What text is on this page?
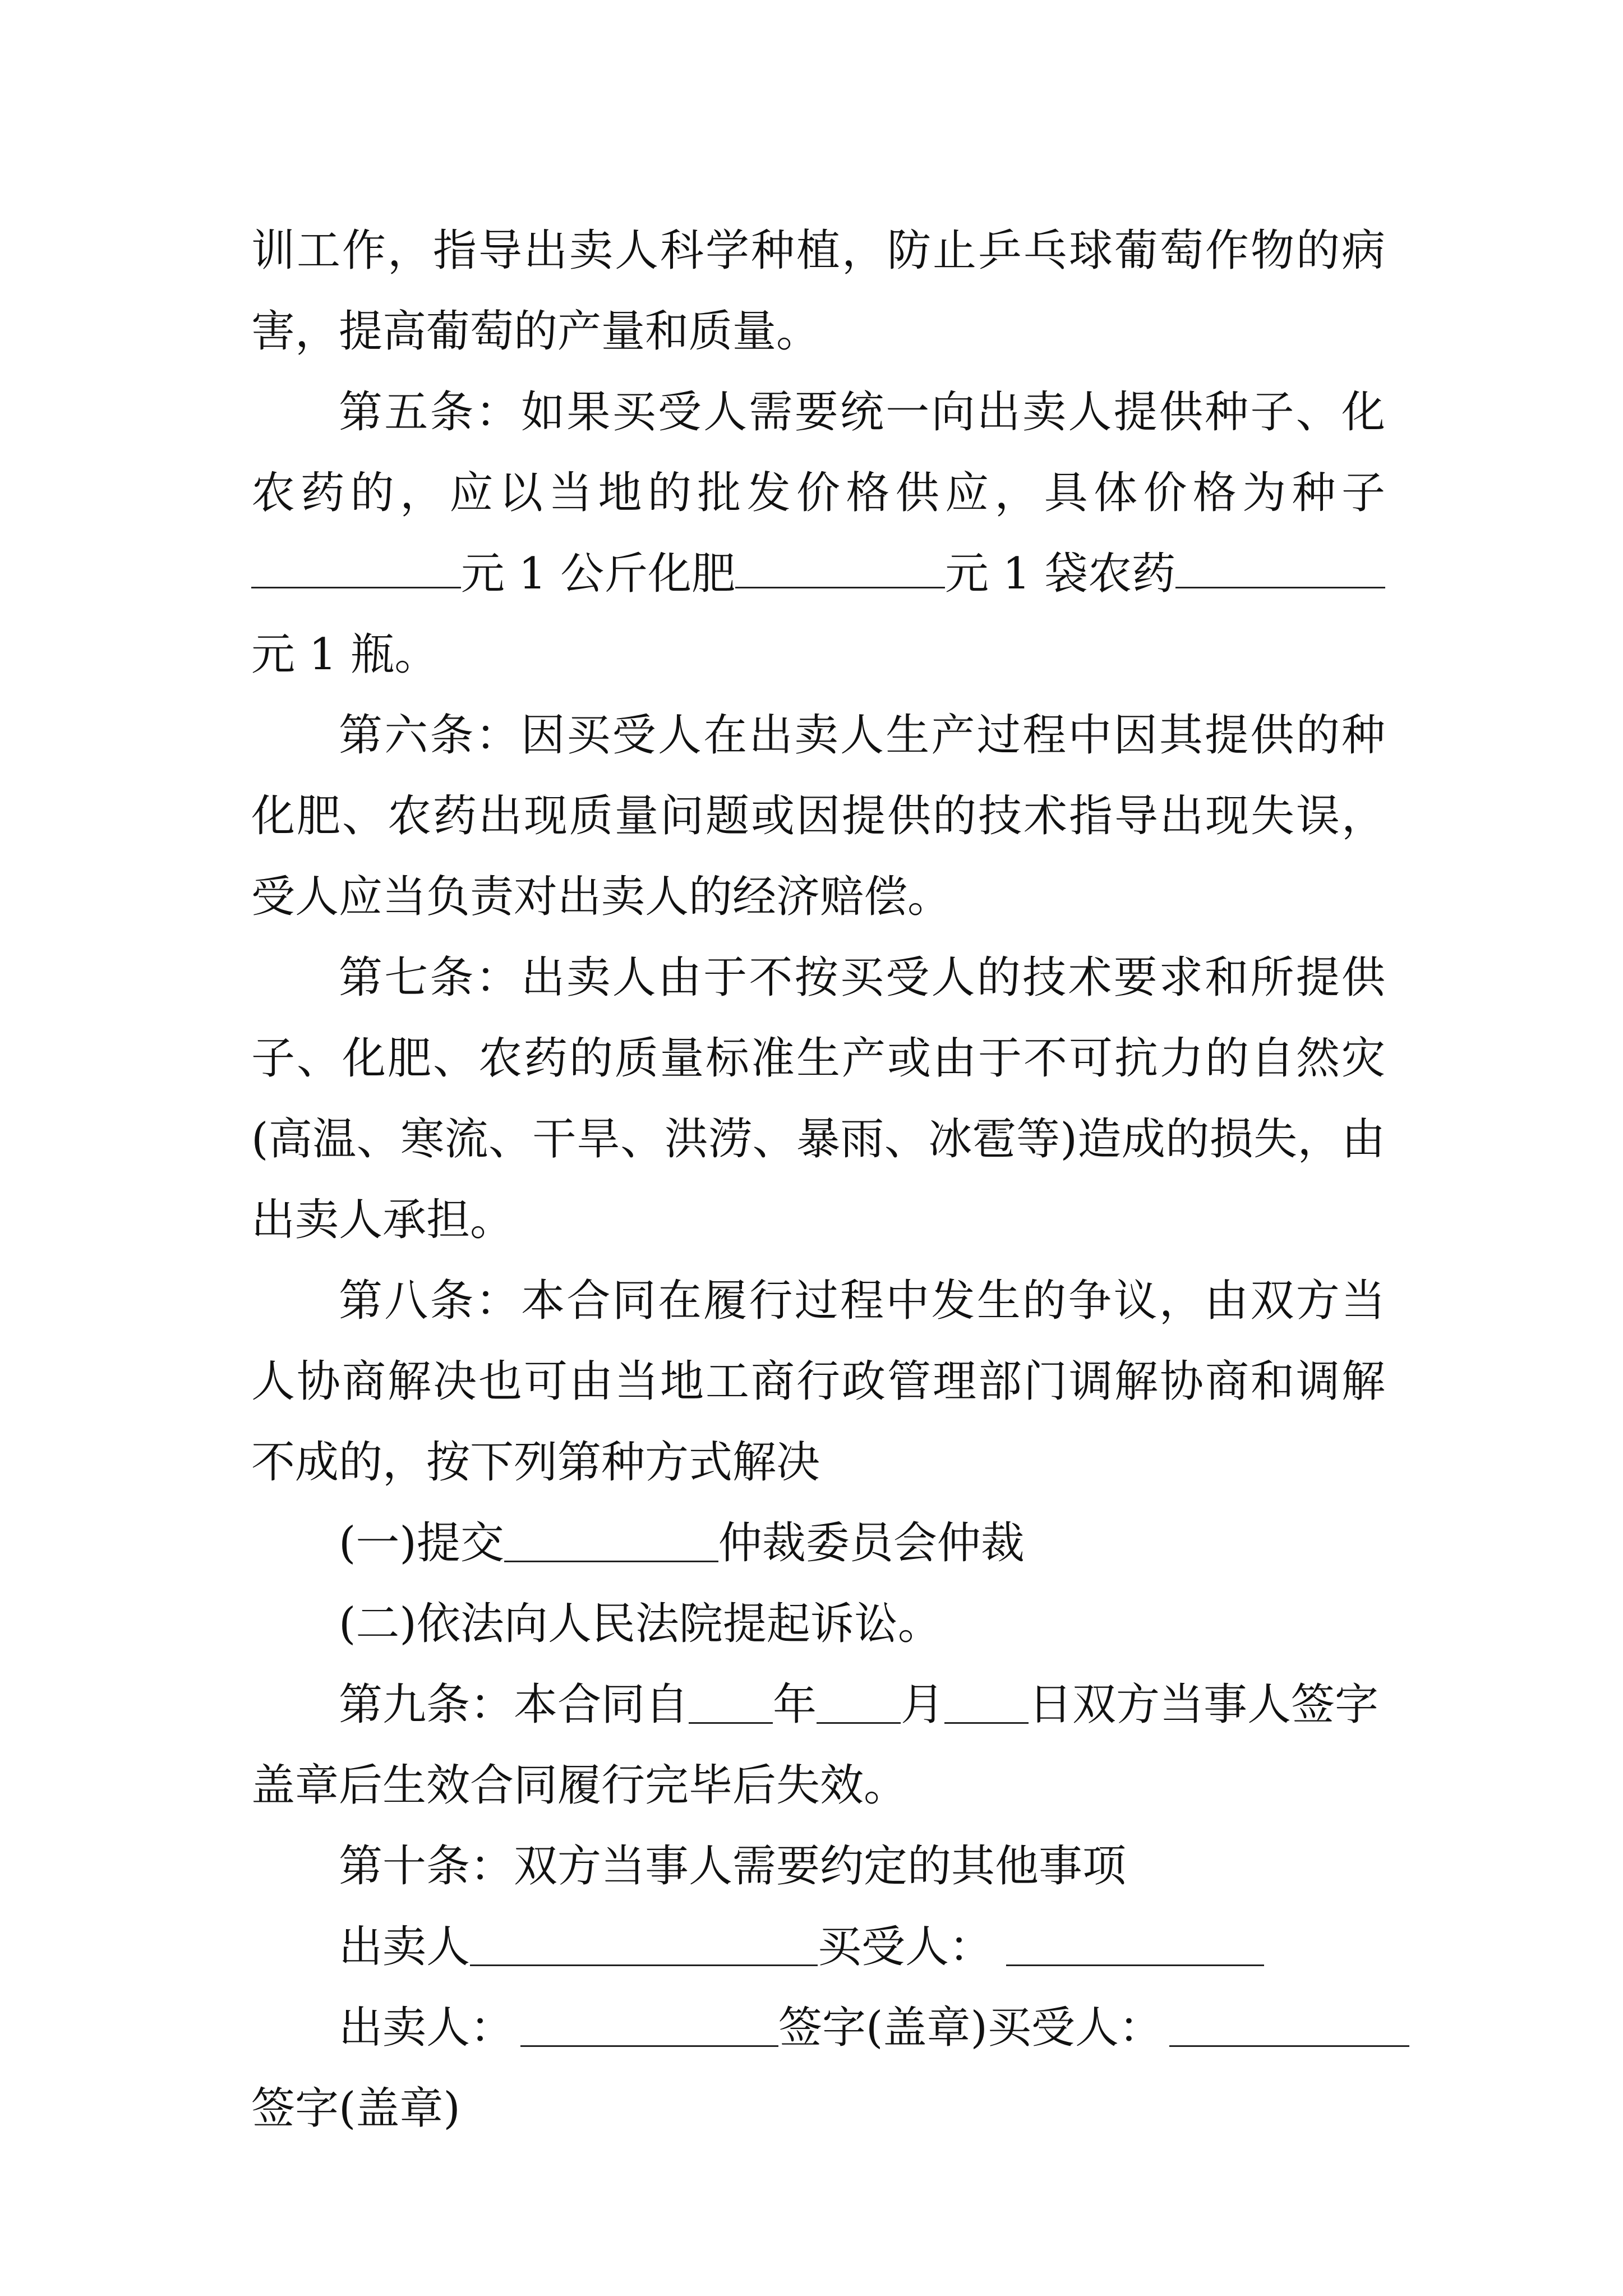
训工作，指导出卖人科学种植，防止乒乓球葡萄作物的病
害，提高葡萄的产量和质量。
第五条：如果买受人需要统一向出卖人提供种子、化
农药的，应以当地的批发价格供应，具体价格为种子
元 1 公斤化肥	元 1 袋农药
元 1 瓶。
第六条：因买受人在出卖人生产过程中因其提供的种
化肥、农药出现质量问题或因提供的技术指导出现失误，
受人应当负责对出卖人的经济赔偿。
第七条：出卖人由于不按买受人的技术要求和所提供
子、化肥、农药的质量标准生产或由于不可抗力的自然灾
(高温、寒流、干旱、洪涝、暴雨、冰雹等)造成的损失，由
出卖人承担。
第八条：本合同在履行过程中发生的争议，由双方当
人协商解决也可由当地工商行政管理部门调解协商和调解
不成的，按下列第种方式解决
(一)提交	仲裁委员会仲裁
(二)依法向人民法院提起诉讼。
第九条：本合同自 年 月 日双方当事人签字
盖章后生效合同履行完毕后失效。
第十条：双方当事人需要约定的其他事项
出卖人	买受人：
出卖人：	签字(盖章)买受人：
签字(盖章)
